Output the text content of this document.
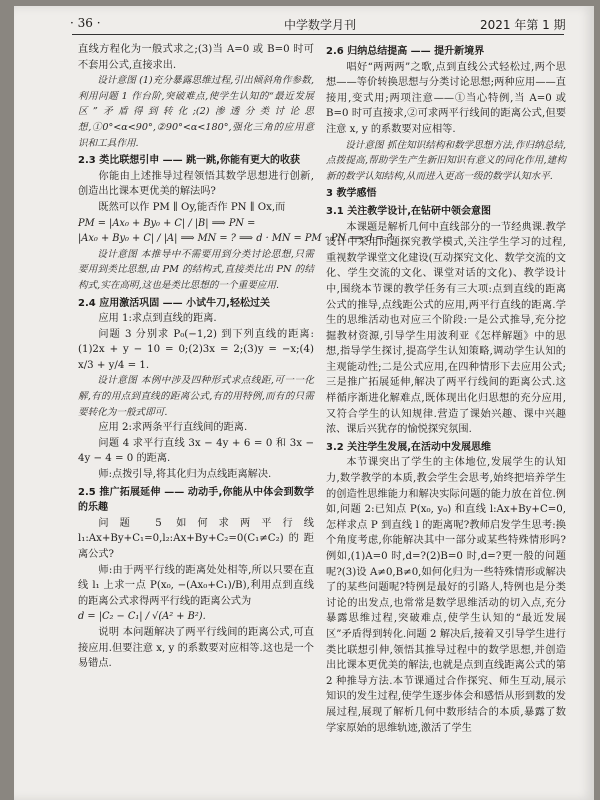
· 36 ·	中学数学月刊	2021 年第 1 期

直线方程化为一般式求之;(3)当 A=0 或 B=0 时可不套用公式,直接求出.

设计意图 (1)充分暴露思维过程,引出倾斜角作参数,利用问题 1 作台阶,突破难点,使学生认知的“最近发展区”矛盾得到转化;(2)渗透分类讨论思想,①0°<α<90°,②90°<α<180°,强化三角的应用意识和工具作用.

2.3 类比联想引申 —— 跳一跳,你能有更大的收获

你能由上述推导过程领悟其数学思想进行创新,创造出比课本更优美的解法吗?

既然可以作 PM ∥ Oy,能否作 PN ∥ Ox,而

PM = |Ax₀ + By₀ + C| / |B| ⟹ PN =

|Ax₀ + By₀ + C| / |A| ⟹ MN = ? ⟹ d · MN = PM · PN ⟹ d = ?

设计意图 本推导中不需要用到分类讨论思想,只需要用到类比思想,由 PM 的结构式,直接类比出 PN 的结构式,实在高明,这也是类比思想的一个重要应用.

2.4 应用激活巩固 —— 小试牛刀,轻松过关

应用 1:求点到直线的距离.

问题 3 分别求 P₀(−1,2) 到下列直线的距离:(1)2x + y − 10 = 0;(2)3x = 2;(3)y = −x;(4) x/3 + y/4 = 1.

设计意图 本例中涉及四种形式求点线距,可一一化解,有的用点到直线的距离公式,有的用特例,而有的只需要转化为一般式即可.

应用 2:求两条平行直线间的距离.

问题 4 求平行直线 3x − 4y + 6 = 0 和 3x − 4y − 4 = 0 的距离.

师:点拨引导,将其化归为点线距离解决.

2.5 推广拓展延伸 —— 动动手,你能从中体会到数学的乐趣

问题 5 如何求两平行线 l₁:Ax+By+C₁=0,l₂:Ax+By+C₂=0(C₁≠C₂)的距离公式?

师:由于两平行线的距离处处相等,所以只要在直线 l₁ 上求一点 P(x₀, −(Ax₀+C₁)/B),利用点到直线的距离公式求得两平行线的距离公式为

d = |C₂ − C₁| / √(A² + B²).

说明 本问题解决了两平行线间的距离公式,可直接应用.但要注意 x, y 的系数要对应相等.这也是一个易错点.

2.6 归纳总结提高 —— 提升新境界

唱好“两两两”之歌,点到直线公式轻松过,两个思想——等价转换思想与分类讨论思想;两种应用——直接用,变式用;两项注意——①当心特例,当 A=0 或 B=0 时可直接求,②可求两平行线间的距离公式,但要注意 x, y 的系数要对应相等.

设计意图 抓住知识结构和数学思想方法,作归纳总结,点拨提高,帮助学生产生新旧知识有意义的同化作用,建构新的数学认知结构,从而进入更高一级的数学认知水平.

3 教学感悟

3.1 关注教学设计,在钻研中领会意图

本课题是解析几何中直线部分的一节经典课.教学设计中采用问题探究教学模式,关注学生学习的过程,重视数学课堂文化建设(互动探究文化、数学交流的文化、学生交流的文化、课堂对话的文化)、教学设计中,围绕本节课的教学任务有三大项:点到直线的距离公式的推导,点线距公式的应用,两平行直线的距离.学生的思维活动也对应三个阶段:一是公式推导,充分挖掘教材资源,引导学生用波利亚《怎样解题》中的思想,指导学生探讨,提高学生认知策略,调动学生认知的主观能动性;二是公式应用,在四种情形下去应用公式;三是推广拓展延伸,解决了两平行线间的距离公式.这样循序渐进化解难点,既体现出化归思想的充分应用,又符合学生的认知规律.营造了课始兴趣、课中兴趣浓、课后兴犹存的愉悦探究氛围.

3.2 关注学生发展,在活动中发展思维

本节课突出了学生的主体地位,发展学生的认知力,数学教学的本质,教会学生会思考,始终把培养学生的创造性思维能力和解决实际问题的能力放在首位.例如,问题 2:已知点 P(x₀, y₀) 和直线 l:Ax+By+C=0,怎样求点 P 到直线 l 的距离呢?教师启发学生思考:换个角度考虑,你能解决其中一部分或某些特殊情形吗?例如,(1)A=0 时,d=?(2)B=0 时,d=?更一般的问题呢?(3)设 A≠0,B≠0,如何化归为一些特殊情形或解决了的某些问题呢?特例是最好的引路人,特例也是分类讨论的出发点,也常常是数学思维活动的切入点,充分暴露思维过程,突破难点,使学生认知的“最近发展区”矛盾得到转化.问题 2 解决后,接着又引导学生进行类比联想引伸,领悟其推导过程中的数学思想,并创造出比课本更优美的解法,也就是点到直线距离公式的第 2 种推导方法.本节课通过合作探究、师生互动,展示知识的发生过程,使学生逐步体会和感悟从形到数的发展过程,展现了解析几何中数形结合的本质,暴露了数学家原始的思维轨迹,激活了学生
